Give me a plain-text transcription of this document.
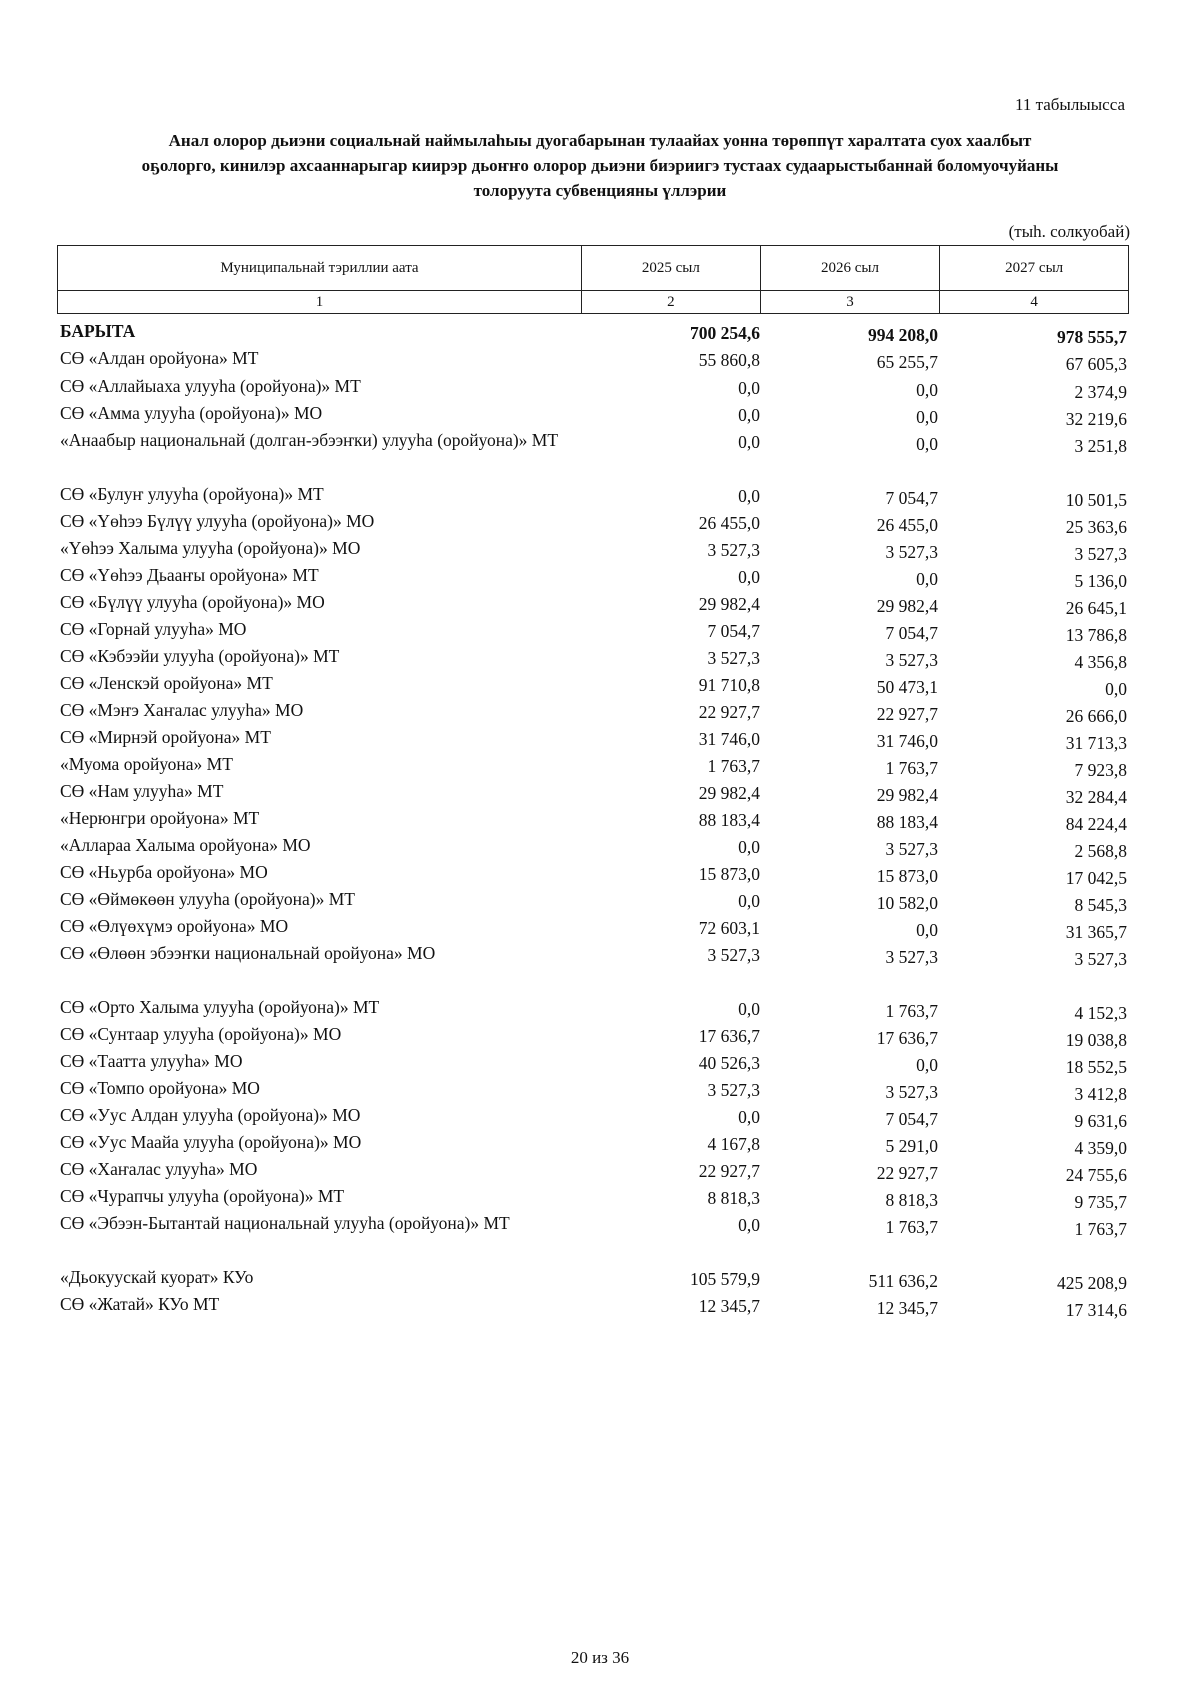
11 табылыысса
Анал олорор дьиэни социальнай наймылаһыы дуогабарынан тулаайах уонна төрөппүт харалтата суох хаалбыт
оҕолорго, кинилэр ахсааннарыгар киирэр дьоҥҥо олорор дьиэни биэриигэ тустаах судаарыстыбаннай боломуочуйаны
толоруута субвенцияны үллэрии
(тыһ. солкуобай)
Муниципальнай тэриллии аата	2025 сыл	2026 сыл	2027 сыл
1	2	3	4
БАРЫТА	700 254,6	994 208,0	978 555,7
СӨ «Алдан оройуона» МТ	55 860,8	65 255,7	67 605,3
СӨ «Аллайыаха улууһа (оройуона)» МТ	0,0	0,0	2 374,9
СӨ «Амма улууһа (оройуона)» МО	0,0	0,0	32 219,6
«Анаабыр национальнай (долган-эбээҥки) улууһа (оройуона)» МТ	0,0	0,0	3 251,8
СӨ «Булуҥ улууһа (оройуона)» МТ	0,0	7 054,7	10 501,5
СӨ «Үөһээ Бүлүү улууһа (оройуона)» МО	26 455,0	26 455,0	25 363,6
«Үөһээ Халыма улууһа (оройуона)» МО	3 527,3	3 527,3	3 527,3
СӨ «Үөһээ Дьааҥы оройуона» МТ	0,0	0,0	5 136,0
СӨ «Бүлүү улууһа (оройуона)» МО	29 982,4	29 982,4	26 645,1
СӨ «Горнай улууһа» МО	7 054,7	7 054,7	13 786,8
СӨ «Кэбээйи улууһа (оройуона)» МТ	3 527,3	3 527,3	4 356,8
СӨ «Ленскэй оройуона» МТ	91 710,8	50 473,1	0,0
СӨ «Мэҥэ Хаҥалас улууһа» МО	22 927,7	22 927,7	26 666,0
СӨ «Мирнэй оройуона» МТ	31 746,0	31 746,0	31 713,3
«Муома оройуона» МТ	1 763,7	1 763,7	7 923,8
СӨ «Нам улууһа» МТ	29 982,4	29 982,4	32 284,4
«Нерюнгри оройуона» МТ	88 183,4	88 183,4	84 224,4
«Аллараа Халыма оройуона» МО	0,0	3 527,3	2 568,8
СӨ «Ньурба оройуона» МО	15 873,0	15 873,0	17 042,5
СӨ «Өймөкөөн улууһа (оройуона)» МТ	0,0	10 582,0	8 545,3
СӨ «Өлүөхүмэ оройуона» МО	72 603,1	0,0	31 365,7
СӨ «Өлөөн эбээҥки национальнай оройуона» МО	3 527,3	3 527,3	3 527,3
СӨ «Орто Халыма улууһа (оройуона)» МТ	0,0	1 763,7	4 152,3
СӨ «Сунтаар улууһа (оройуона)» МО	17 636,7	17 636,7	19 038,8
СӨ «Таатта улууһа» МО	40 526,3	0,0	18 552,5
СӨ «Томпо оройуона» МО	3 527,3	3 527,3	3 412,8
СӨ «Уус Алдан улууһа (оройуона)» МО	0,0	7 054,7	9 631,6
СӨ «Уус Маайа улууһа (оройуона)» МО	4 167,8	5 291,0	4 359,0
СӨ «Хаҥалас улууһа» МО	22 927,7	22 927,7	24 755,6
СӨ «Чурапчы улууһа (оройуона)» МТ	8 818,3	8 818,3	9 735,7
СӨ «Эбээн-Бытантай национальнай улууһа (оройуона)» МТ	0,0	1 763,7	1 763,7
«Дьокуускай куорат» КУо	105 579,9	511 636,2	425 208,9
СӨ «Жатай» КУо МТ	12 345,7	12 345,7	17 314,6
20 из 36
